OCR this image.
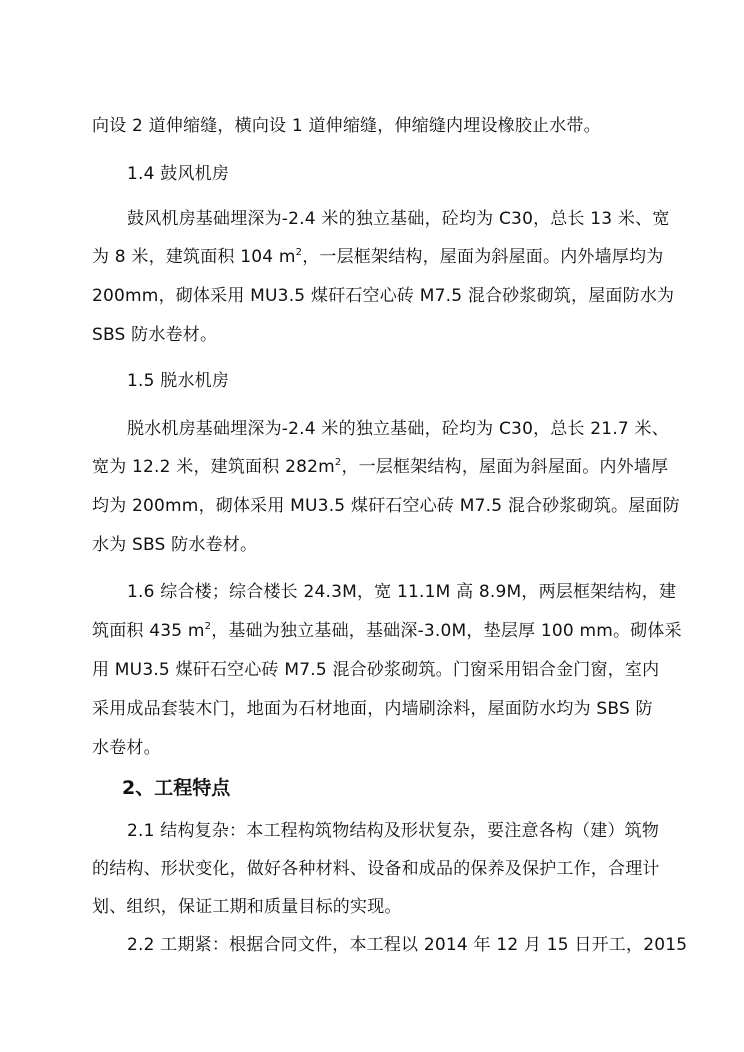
向设 2 道伸缩缝，横向设 1 道伸缩缝，伸缩缝内埋设橡胶止水带。
1.4 鼓风机房
鼓风机房基础埋深为-2.4 米的独立基础，砼均为 C30，总长 13 米、宽
为 8 米，建筑面积 104 $m^2$，一层框架结构，屋面为斜屋面。内外墙厚均为
200mm，砌体采用 MU3.5 煤矸石空心砖 M7.5 混合砂浆砌筑，屋面防水为
SBS 防水卷材。
1.5 脱水机房
脱水机房基础埋深为-2.4 米的独立基础，砼均为 C30，总长 21.7 米、
宽为 12.2 米，建筑面积 $282m^2$，一层框架结构，屋面为斜屋面。内外墙厚
均为 200mm，砌体采用 MU3.5 煤矸石空心砖 M7.5 混合砂浆砌筑。屋面防
水为 SBS 防水卷材。
1.6 综合楼；综合楼长 24.3M，宽 11.1M 高 8.9M，两层框架结构，建
筑面积 435 $m^2$，基础为独立基础，基础深-3.0M，垫层厚 100 mm。砌体采
用 MU3.5 煤矸石空心砖 M7.5 混合砂浆砌筑。门窗采用铝合金门窗，室内
采用成品套装木门，地面为石材地面，内墙刷涂料，屋面防水均为 SBS 防
水卷材。
2、工程特点
2.1 结构复杂：本工程构筑物结构及形状复杂，要注意各构（建）筑物
的结构、形状变化，做好各种材料、设备和成品的保养及保护工作，合理计
划、组织，保证工期和质量目标的实现。
2.2 工期紧：根据合同文件，本工程以 2014 年 12 月 15 日开工，2015
